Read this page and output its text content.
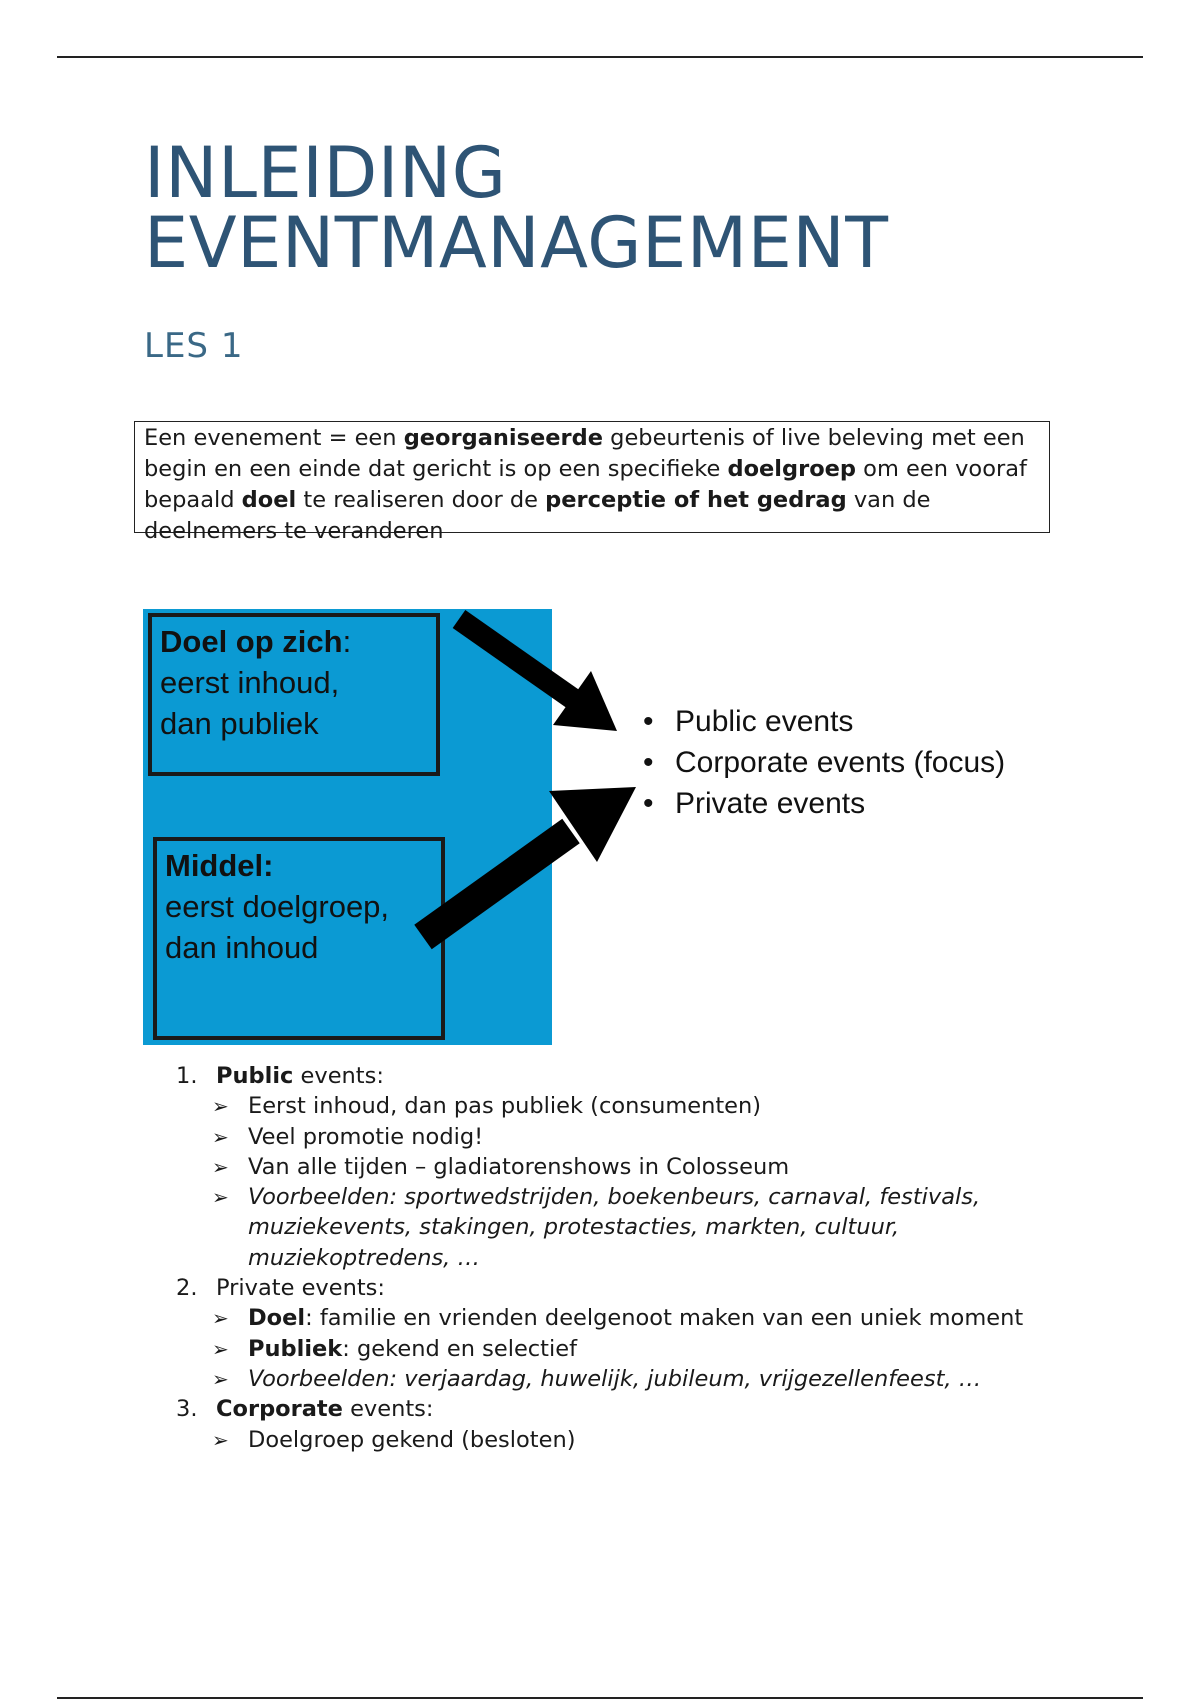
INLEIDING
EVENTMANAGEMENT
LES 1
Een evenement = een georganiseerde gebeurtenis of live beleving met een begin en een einde dat gericht is op een specifieke doelgroep om een vooraf bepaald doel te realiseren door de perceptie of het gedrag van de deelnemers te veranderen
Doel op zich:
eerst inhoud,
dan publiek
Middel:
eerst doelgroep,
dan inhoud
• Public events
• Corporate events (focus)
• Private events
1. Public events:
➢ Eerst inhoud, dan pas publiek (consumenten)
➢ Veel promotie nodig!
➢ Van alle tijden – gladiatorenshows in Colosseum
➢ Voorbeelden: sportwedstrijden, boekenbeurs, carnaval, festivals, muziekevents, stakingen, protestacties, markten, cultuur, muziekoptredens, …
2. Private events:
➢ Doel: familie en vrienden deelgenoot maken van een uniek moment
➢ Publiek: gekend en selectief
➢ Voorbeelden: verjaardag, huwelijk, jubileum, vrijgezellenfeest, …
3. Corporate events:
➢ Doelgroep gekend (besloten)
